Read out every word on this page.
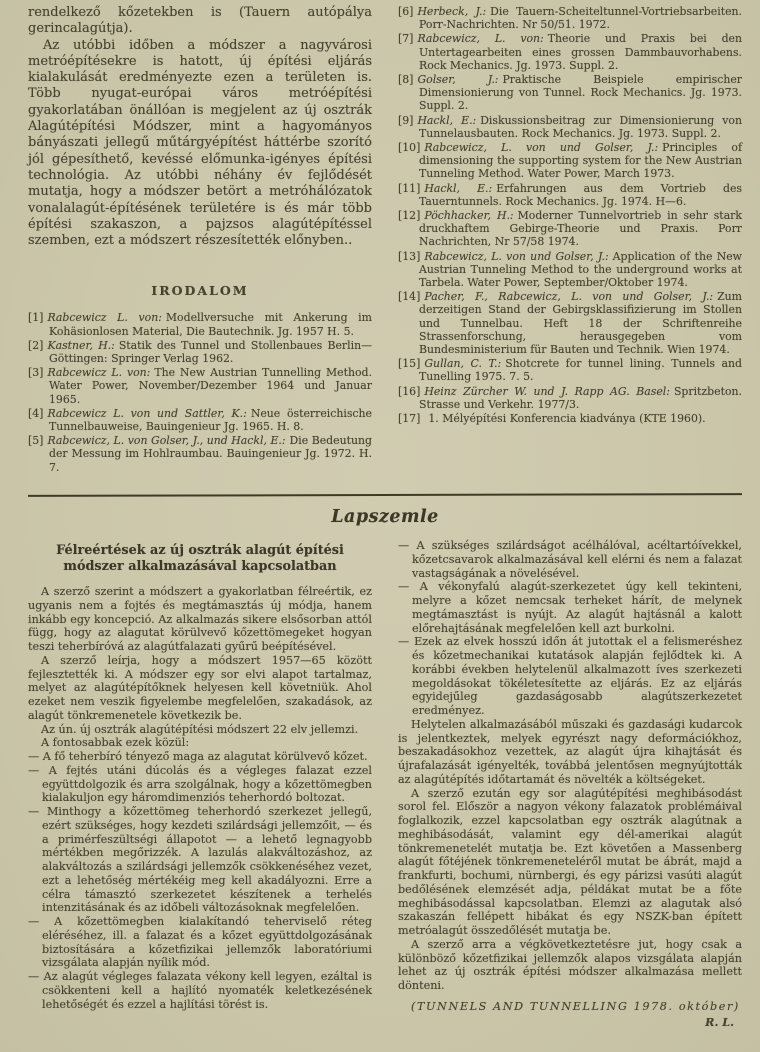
rendelkező kőzetekben is (Tauern autópálya gerincalagútja).

Az utóbbi időben a módszer a nagyvárosi metróépítésekre is hatott, új építési eljárás kialakulását eredményezte ezen a területen is. Több nyugat-európai város metróépítési gyakorlatában önállóan is megjelent az új osztrák Alagútépítési Módszer, mint a hagyományos bányászati jellegű műtárgyépítést háttérbe szorító jól gépesíthető, kevéssé előmunka-igényes építési technológia. Az utóbbi néhány év fejlődését mutatja, hogy a módszer betört a metróhálózatok vonalalagút-építésének területére is és már több építési szakaszon, a pajzsos alagútépítéssel szemben, ezt a módszert részesítették előnyben..

IRODALOM

[1] Rabcewicz L. von: Modellversuche mit Ankerung im Kohäsionlosen Material, Die Bautechnik. Jg. 1957 H. 5.

[2] Kastner, H.: Statik des Tunnel und Stollenbaues Berlin—Göttingen: Springer Verlag 1962.

[3] Rabcewicz L. von: The New Austrian Tunnelling Method. Water Power, November/Dezember 1964 und Januar 1965.

[4] Rabcewicz L. von und Sattler, K.: Neue österreichische Tunnelbauweise, Bauingenieur Jg. 1965. H. 8.

[5] Rabcewicz, L. von Golser, J., und Hackl, E.: Die Bedeutung der Messung im Hohlraumbau. Bauingenieur Jg. 1972. H. 7.

[6] Herbeck, J.: Die Tauern-Scheiteltunnel-Vortriebsarbeiten. Porr-Nachrichten. Nr 50/51. 1972.

[7] Rabcewicz, L. von: Theorie und Praxis bei den Untertagearbeiten eines grossen Dammbauvorhabens. Rock Mechanics. Jg. 1973. Suppl. 2.

[8] Golser, J.: Praktische Beispiele empirischer Dimensionierung von Tunnel. Rock Mechanics. Jg. 1973. Suppl. 2.

[9] Hackl, E.: Diskussionsbeitrag zur Dimensionierung von Tunnelausbauten. Rock Mechanics. Jg. 1973. Suppl. 2.

[10] Rabcewicz, L. von und Golser, J.: Principles of dimensioning the supporting system for the New Austrian Tunneling Method. Water Power, March 1973.

[11] Hackl, E.: Erfahrungen aus dem Vortrieb des Tauerntunnels. Rock Mechanics. Jg. 1974. H—6.

[12] Pöchhacker, H.: Moderner Tunnelvortrieb in sehr stark druckhaftem Gebirge-Theorie und Praxis. Porr Nachrichten, Nr 57/58 1974.

[13] Rabcewicz, L. von und Golser, J.: Application of the New Austrian Tunneling Method to the underground works at Tarbela. Water Power, September/Oktober 1974.

[14] Pacher, F., Rabcewicz, L. von und Golser, J.: Zum derzeitigen Stand der Gebirgsklassifizierung im Stollen und Tunnelbau. Heft 18 der Schriftenreihe Strassenforschung, herausgegeben vom Bundesministerium für Bauten und Technik. Wien 1974.

[15] Gullan, C. T.: Shotcrete for tunnel lining. Tunnels and Tunelling 1975. 7. 5.

[16] Heinz Zürcher W. und J. Rapp AG. Basel: Spritzbeton. Strasse und Verkehr. 1977/3.

[17] 1. Mélyépítési Konferencia kiadványa (KTE 1960).

Lapszemle
Félreértések az új osztrák alagút építési módszer alkalmazásával kapcsolatban

A szerző szerint a módszert a gyakorlatban félreértik, ez ugyanis nem a fojtés és megtámasztás új módja, hanem inkább egy koncepció. Az alkalmazás sikere elsősorban attól függ, hogy az alagutat körülvevő kőzettömegeket hogyan teszi teherbíróvá az alagútfalazati gyűrű beépítésével.

A szerző leírja, hogy a módszert 1957—65 között fejlesztették ki. A módszer egy sor elvi alapot tartalmaz, melyet az alagútépítőknek helyesen kell követniük. Ahol ezeket nem veszik figyelembe megfelelően, szakadások, az alagút tönkremenetele következik be.

Az ún. új osztrák alagútépítési módszert 22 elv jellemzi.

A fontosabbak ezek közül:

— A fő teherbíró tényező maga az alagutat körülvevő kőzet.

— A fejtés utáni dúcolás és a végleges falazat ezzel együttdolgozik és arra szolgálnak, hogy a kőzettömegben kialakuljon egy háromdimenziós teherhordó boltozat.

— Minthogy a kőzettömeg teherhordó szerkezet jellegű, ezért szükséges, hogy kezdeti szilárdsági jellemzőit, — és a primérfeszültségi állapotot — a lehető legnagyobb mértékben megőrizzék. A lazulás alakváltozáshoz, az alakváltozás a szilárdsági jellemzők csökkenéséhez vezet, ezt a lehetőség mértékéig meg kell akadályozni. Erre a célra támasztó szerkezetet készítenek a terhelés intenzitásának és az időbeli változásoknak megfelelően.

— A kőzettömegben kialakítandó teherviselő réteg eléréséhez, ill. a falazat és a kőzet együttdolgozásának biztosítására a kőzetfizikai jellemzők laboratóriumi vizsgálata alapján nyílik mód.

— Az alagút végleges falazata vékony kell legyen, ezáltal is csökkenteni kell a hajlító nyomaték keletkezésének lehetőségét és ezzel a hajlítási törést is.

— A szükséges szilárdságot acélhálóval, acéltartóívekkel, kőzetcsavarok alkalmazásával kell elérni és nem a falazat vastagságának a növelésével.

— A vékonyfalú alagút-szerkezetet úgy kell tekinteni, melyre a kőzet nemcsak terheket hárít, de melynek megtámasztást is nyújt. Az alagút hajtásnál a kalott előrehajtásának megfelelően kell azt burkolni.

— Ezek az elvek hosszú időn át jutottak el a felismeréshez és kőzetmechanikai kutatások alapján fejlődtek ki. A korábbi években helytelenül alkalmazott íves szerkezeti megoldásokat tökéletesítette az eljárás. Ez az eljárás egyidejűleg gazdaságosabb alagútszerkezetet eredményez.

Helytelen alkalmazásából műszaki és gazdasági kudarcok is jelentkeztek, melyek egyrészt nagy deformációkhoz, beszakadásokhoz vezettek, az alagút újra kihajtását és újrafalazását igényelték, továbbá jelentősen megnyújtották az alagútépítés időtartamát és növelték a költségeket.

A szerző ezután egy sor alagútépítési meghibásodást sorol fel. Először a nagyon vékony falazatok problémáival foglalkozik, ezzel kapcsolatban egy osztrák alagútnak a meghibásodását, valamint egy dél-amerikai alagút tönkremenetelét mutatja be. Ezt követően a Massenberg alagút főtéjének tönkremeneteléről mutat be ábrát, majd a frankfurti, bochumi, nürnbergi, és egy párizsi vasúti alagút bedőlésének elemzését adja, példákat mutat be a főte meghibásodással kapcsolatban. Elemzi az alagutak alsó szakaszán fellépett hibákat és egy NSZK-ban épített metróalagút összedőlését mutatja be.

A szerző arra a végkövetkeztetésre jut, hogy csak a különböző kőzetfizikai jellemzők alapos vizsgálata alapján lehet az új osztrák építési módszer alkalmazása mellett dönteni.

(TUNNELS AND TUNNELLING 1978. október)

R. L.
